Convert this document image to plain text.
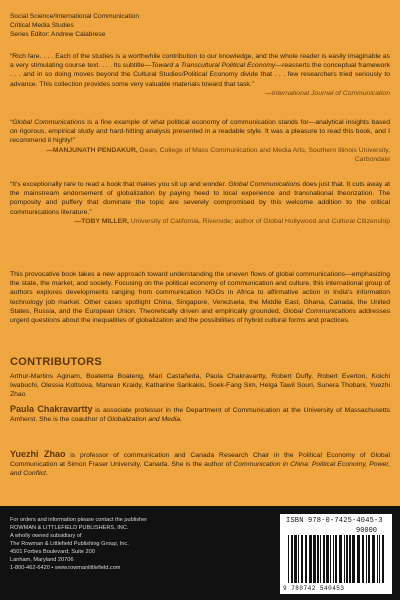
Social Science/International Communication
Critical Media Studies
Series Editor: Andrew Calabrese
“Rich fare. . . . Each of the studies is a worthwhile contribution to our knowledge, and the whole reader is easily imaginable as a very stimulating course text. . . . Its subtitle—Toward a Transcultural Political Economy—reasserts the conceptual framework . . . and in so doing moves beyond the Cultural Studies/Political Economy divide that . . . few researchers tried seriously to advance. This collection provides some very valuable materials toward that task.”
—International Journal of Communication
“Global Communications is a fine example of what political economy of communication stands for—analytical insights based on rigorous, empirical study and hard-hitting analysis presented in a readable style. It was a pleasure to read this book, and I recommend it highly!”
—MANJUNATH PENDAKUR, Dean, College of Mass Communication and Media Arts, Southern Illinois University, Carbondale
“It's exceptionally rare to read a book that makes you sit up and wonder. Global Communications does just that. It cuts away at the mainstream endorsement of globalization by paying heed to local experience and transnational theorization. The pomposity and puffery that dominate the topic are severely compromised by this welcome addition to the critical communications literature.”
—TOBY MILLER, University of California, Riverside; author of Global Hollywood and Cultural Citizenship
This provocative book takes a new approach toward understanding the uneven flows of global communications—emphasizing the state, the market, and society. Focusing on the political economy of communication and culture, this international group of authors explores developments ranging from communication NGOs in Africa to affirmative action in India's information technology job market. Other cases spotlight China, Singapore, Venezuela, the Middle East, Ghana, Canada, the United States, Russia, and the European Union. Theoretically driven and empirically grounded, Global Communications addresses urgent questions about the inequalities of globalization and the possibilities of hybrid cultural forms and practices.
CONTRIBUTORS
Arthur-Martins Aginam, Boatema Boateng, Mari Castañeda, Paula Chakravartty, Robert Duffy, Robert Everton, Koichi Iwabuchi, Olessia Koltsova, Marwan Kraidy, Katharine Sarikakis, Soek-Fang Sim, Helga Tawil Souri, Sunera Thobani, Yuezhi Zhao
Paula Chakravartty is associate professor in the Department of Communication at the University of Massachusetts Amherst. She is the coauthor of Globalization and Media.
Yuezhi Zhao is professor of communication and Canada Research Chair in the Political Economy of Global Communication at Simon Fraser University, Canada. She is the author of Communication in China: Political Economy, Power, and Conflict.
For orders and information please contact the publisher
ROWMAN & LITTLEFIELD PUBLISHERS, INC.
A wholly owned subsidiary of
The Rowman & Littlefield Publishing Group, Inc.
4501 Forbes Boulevard, Suite 200
Lanham, Maryland 20706
1-800-462-6420 • www.rowmanlittlefield.com
ISBN 978-0-7425-4045-3
90000
9 780742 540453
